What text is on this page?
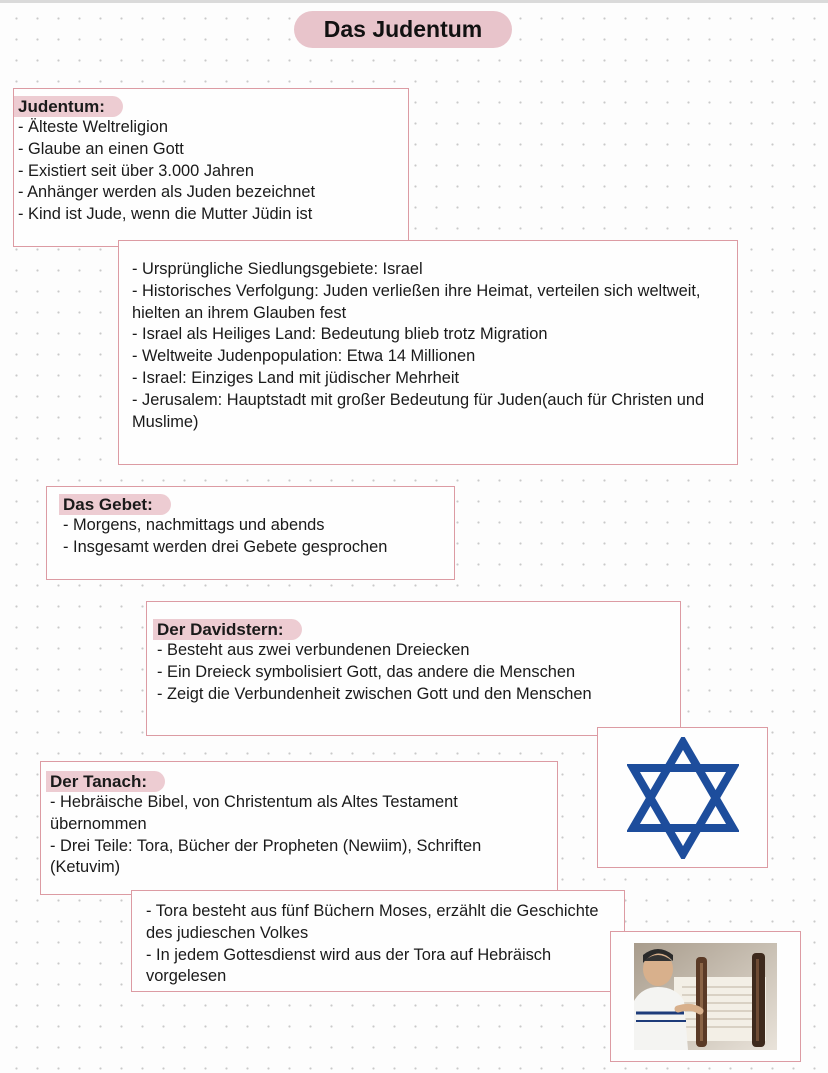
Das Judentum
Judentum:
- Älteste Weltreligion
- Glaube an einen Gott
- Existiert seit über 3.000 Jahren
- Anhänger werden als Juden bezeichnet
- Kind ist Jude, wenn die Mutter Jüdin ist
- Ursprüngliche Siedlungsgebiete: Israel
- Historisches Verfolgung: Juden verließen ihre Heimat, verteilen sich weltweit, hielten an ihrem Glauben fest
- Israel als Heiliges Land: Bedeutung blieb trotz Migration
- Weltweite Judenpopulation: Etwa 14 Millionen
- Israel: Einziges Land mit jüdischer Mehrheit
- Jerusalem: Hauptstadt mit großer Bedeutung für Juden(auch für Christen und Muslime)
Das Gebet:
- Morgens, nachmittags und abends
- Insgesamt werden drei Gebete gesprochen
Der Davidstern:
- Besteht aus zwei verbundenen Dreiecken
- Ein Dreieck symbolisiert Gott, das andere die Menschen
- Zeigt die Verbundenheit zwischen Gott und den Menschen
Der Tanach:
- Hebräische Bibel, von Christentum als Altes Testament übernommen
- Drei Teile: Tora, Bücher der Propheten (Newiim), Schriften (Ketuvim)
- Tora besteht aus fünf Büchern Moses, erzählt die Geschichte des judieschen Volkes
- In jedem Gottesdienst wird aus der Tora auf Hebräisch vorgelesen
